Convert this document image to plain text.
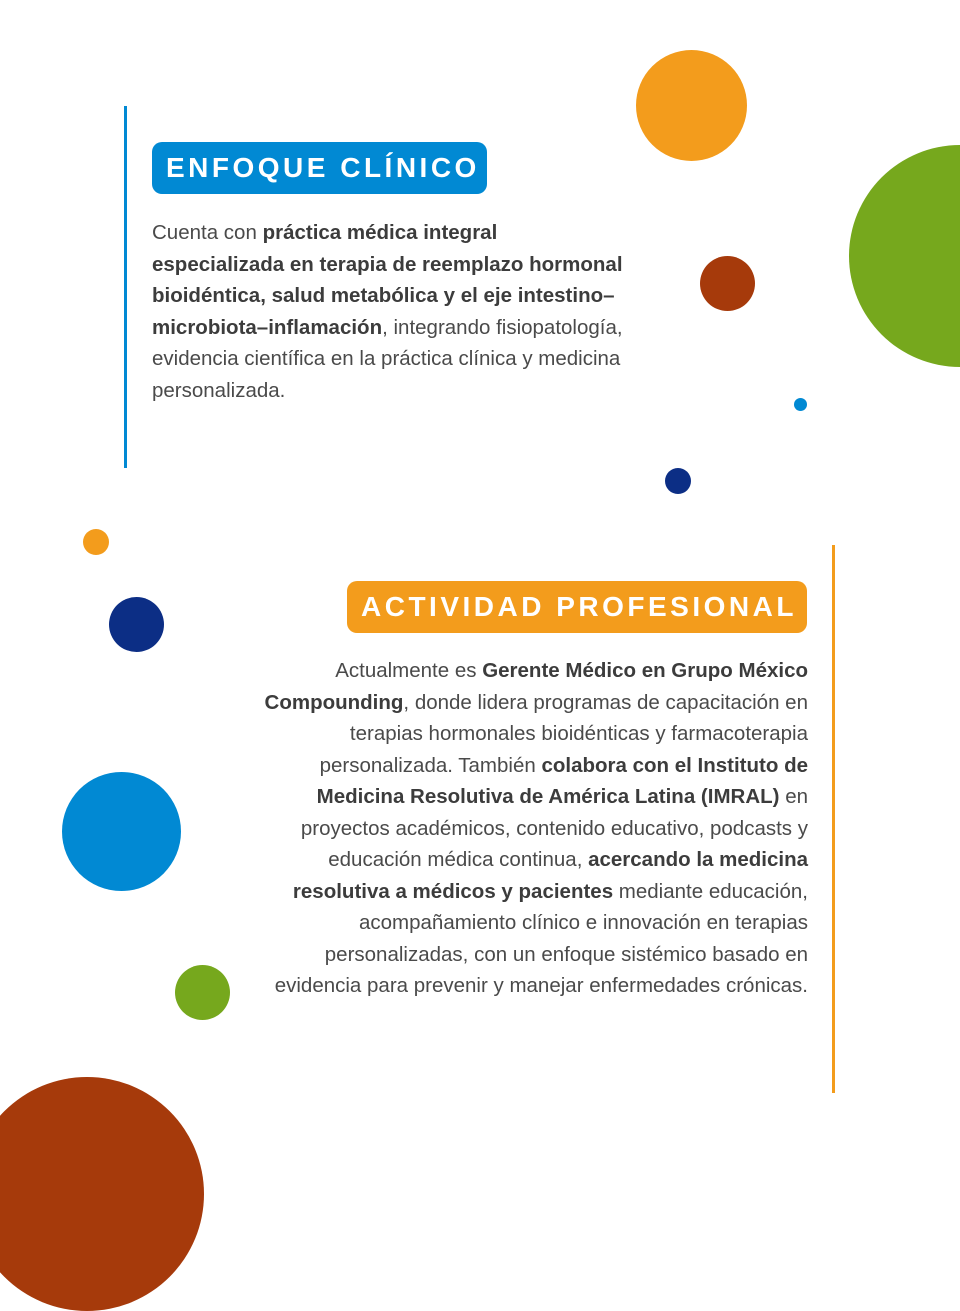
ENFOQUE CLÍNICO
Cuenta con práctica médica integral especializada en terapia de reemplazo hormonal bioidéntica, salud metabólica y el eje intestino–microbiota–inflamación, integrando fisiopatología, evidencia científica en la práctica clínica y medicina personalizada.
ACTIVIDAD PROFESIONAL
Actualmente es Gerente Médico en Grupo México Compounding, donde lidera programas de capacitación en terapias hormonales bioidénticas y farmacoterapia personalizada. También colabora con el Instituto de Medicina Resolutiva de América Latina (IMRAL) en proyectos académicos, contenido educativo, podcasts y educación médica continua, acercando la medicina resolutiva a médicos y pacientes mediante educación, acompañamiento clínico e innovación en terapias personalizadas, con un enfoque sistémico basado en evidencia para prevenir y manejar enfermedades crónicas.
